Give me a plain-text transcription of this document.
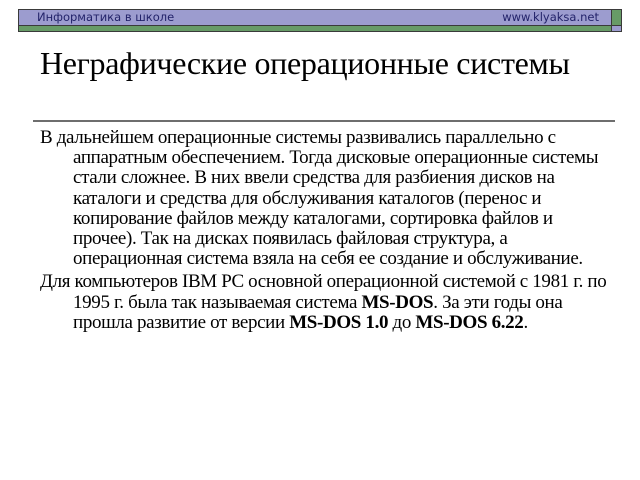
Информатика в школе	www.klyaksa.net
Неграфические операционные системы

В дальнейшем операционные системы развивались параллельно с аппаратным обеспечением. Тогда дисковые операционные системы стали сложнее. В них ввели средства для разбиения дисков на каталоги и средства для обслуживания каталогов (перенос и копирование файлов между каталогами, сортировка файлов и прочее). Так на дисках появилась файловая структура, а операционная система взяла на себя ее создание и обслуживание.

Для компьютеров IBM PC основной операционной системой с 1981 г. по 1995 г. была так называемая система MS-DOS. За эти годы она прошла развитие от версии MS-DOS 1.0 до MS-DOS 6.22.
